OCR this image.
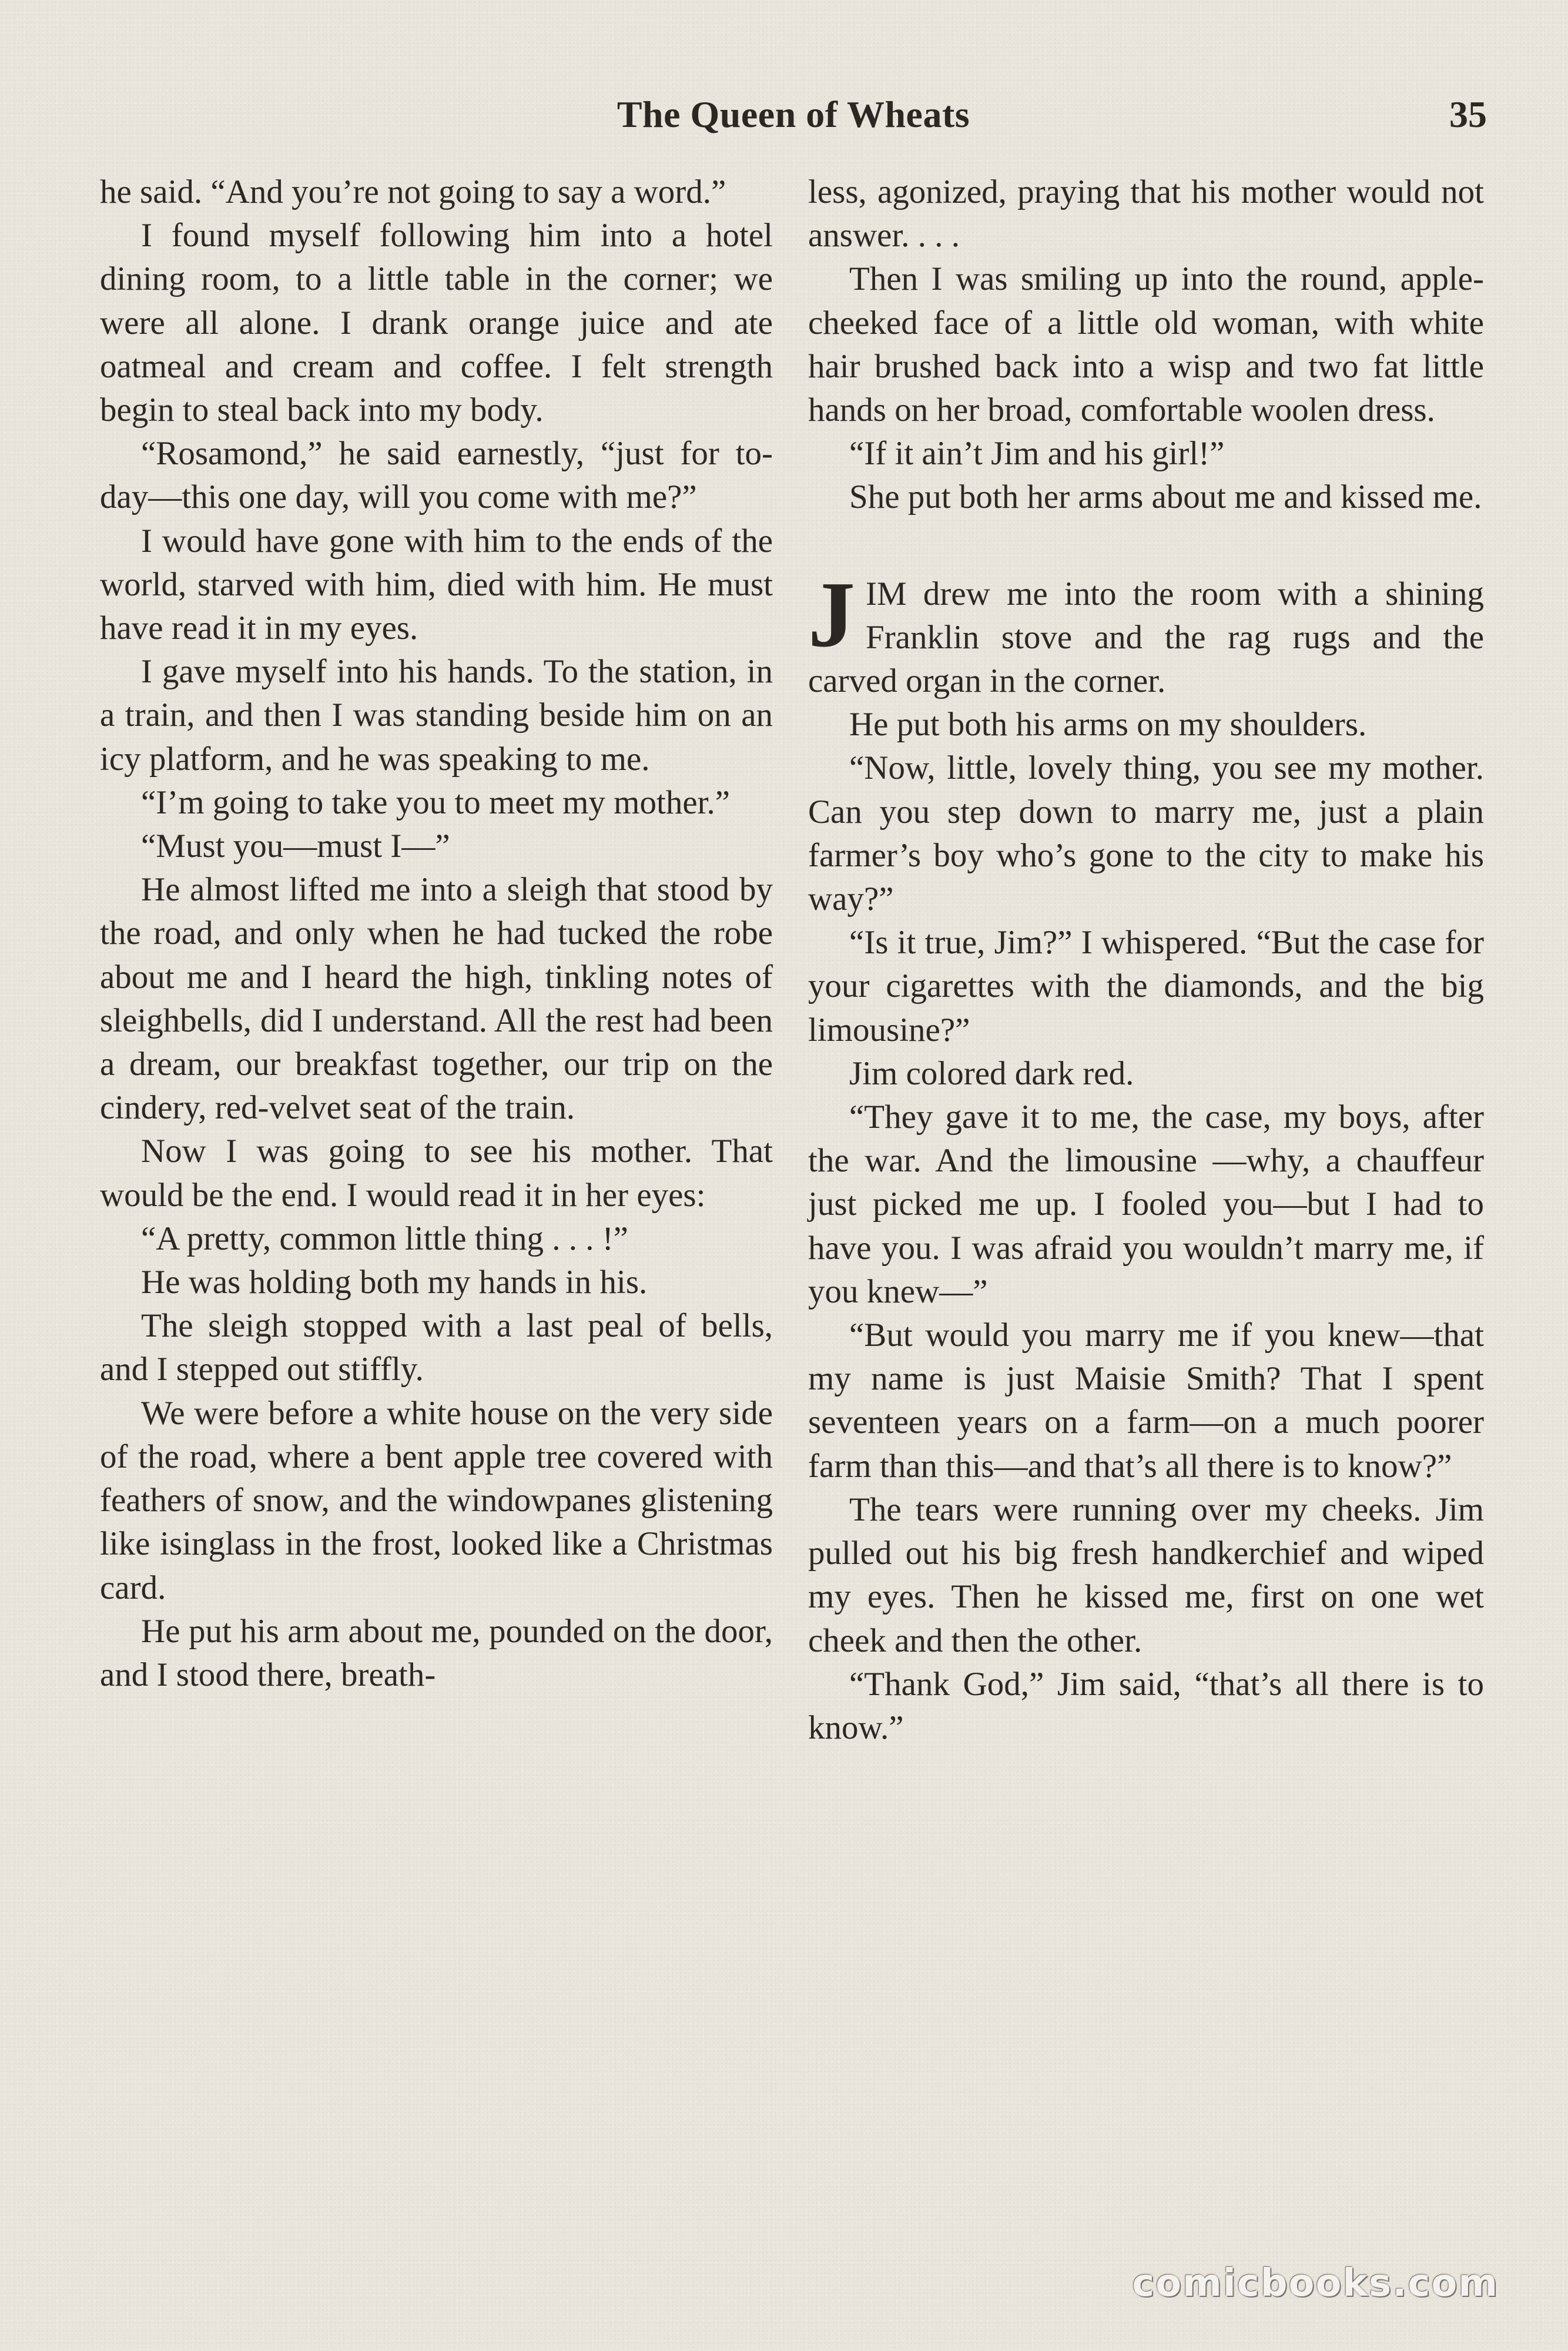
The Queen of Wheats	35

he said. “And you’re not going to say a word.”

I found myself following him into a hotel dining room, to a little table in the corner; we were all alone. I drank orange juice and ate oatmeal and cream and coffee. I felt strength begin to steal back into my body.

“Rosamond,” he said earnestly, “just for to-day—this one day, will you come with me?”

I would have gone with him to the ends of the world, starved with him, died with him. He must have read it in my eyes.

I gave myself into his hands. To the station, in a train, and then I was standing beside him on an icy platform, and he was speaking to me.

“I’m going to take you to meet my mother.”

“Must you—must I—”

He almost lifted me into a sleigh that stood by the road, and only when he had tucked the robe about me and I heard the high, tinkling notes of sleighbells, did I understand. All the rest had been a dream, our breakfast together, our trip on the cindery, red-velvet seat of the train.

Now I was going to see his mother. That would be the end. I would read it in her eyes:

“A pretty, common little thing . . . !”

He was holding both my hands in his.

The sleigh stopped with a last peal of bells, and I stepped out stiffly.

We were before a white house on the very side of the road, where a bent apple tree covered with feathers of snow, and the windowpanes glistening like isinglass in the frost, looked like a Christmas card.

He put his arm about me, pounded on the door, and I stood there, breath-

less, agonized, praying that his mother would not answer. . . .

Then I was smiling up into the round, apple-cheeked face of a little old woman, with white hair brushed back into a wisp and two fat little hands on her broad, comfortable woolen dress.

“If it ain’t Jim and his girl!”

She put both her arms about me and kissed me.

JIM drew me into the room with a shining Franklin stove and the rag rugs and the carved organ in the corner.

He put both his arms on my shoulders.

“Now, little, lovely thing, you see my mother. Can you step down to marry me, just a plain farmer’s boy who’s gone to the city to make his way?”

“Is it true, Jim?” I whispered. “But the case for your cigarettes with the diamonds, and the big limousine?”

Jim colored dark red.

“They gave it to me, the case, my boys, after the war. And the limousine —why, a chauffeur just picked me up. I fooled you—but I had to have you. I was afraid you wouldn’t marry me, if you knew—”

“But would you marry me if you knew—that my name is just Maisie Smith? That I spent seventeen years on a farm—on a much poorer farm than this—and that’s all there is to know?”

The tears were running over my cheeks. Jim pulled out his big fresh handkerchief and wiped my eyes. Then he kissed me, first on one wet cheek and then the other.

“Thank God,” Jim said, “that’s all there is to know.”

comicbooks.com
